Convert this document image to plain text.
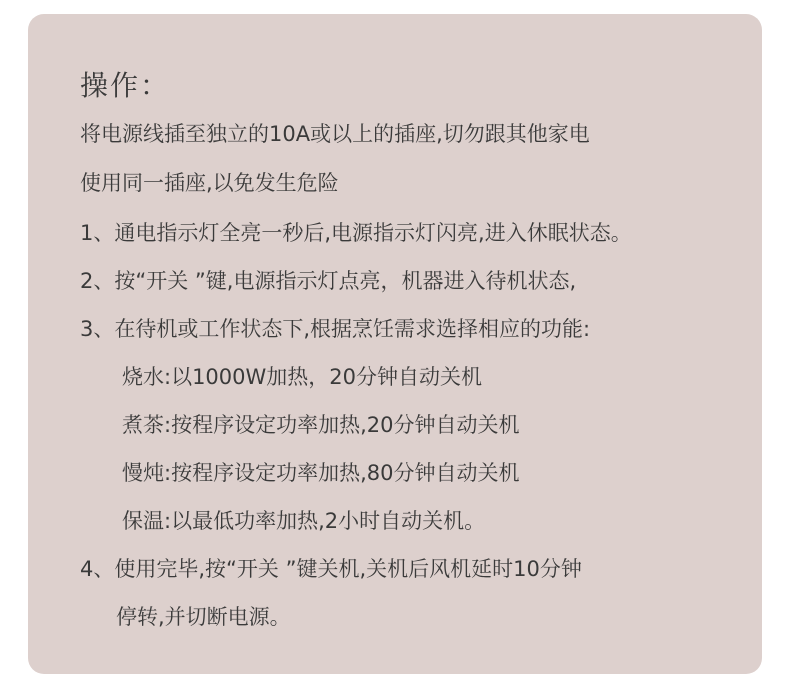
操作：
将电源线插至独立的10A或以上的插座,切勿跟其他家电
使用同一插座,以免发生危险
1、通电指示灯全亮一秒后,电源指示灯闪亮,进入休眠状态。
2、按“开关 ”键,电源指示灯点亮，机器进入待机状态,
3、在待机或工作状态下,根据烹饪需求选择相应的功能:
烧水:以1000W加热，20分钟自动关机
煮茶:按程序设定功率加热,20分钟自动关机
慢炖:按程序设定功率加热,80分钟自动关机
保温:以最低功率加热,2小时自动关机。
4、使用完毕,按“开关 ”键关机,关机后风机延时10分钟
停转,并切断电源。
